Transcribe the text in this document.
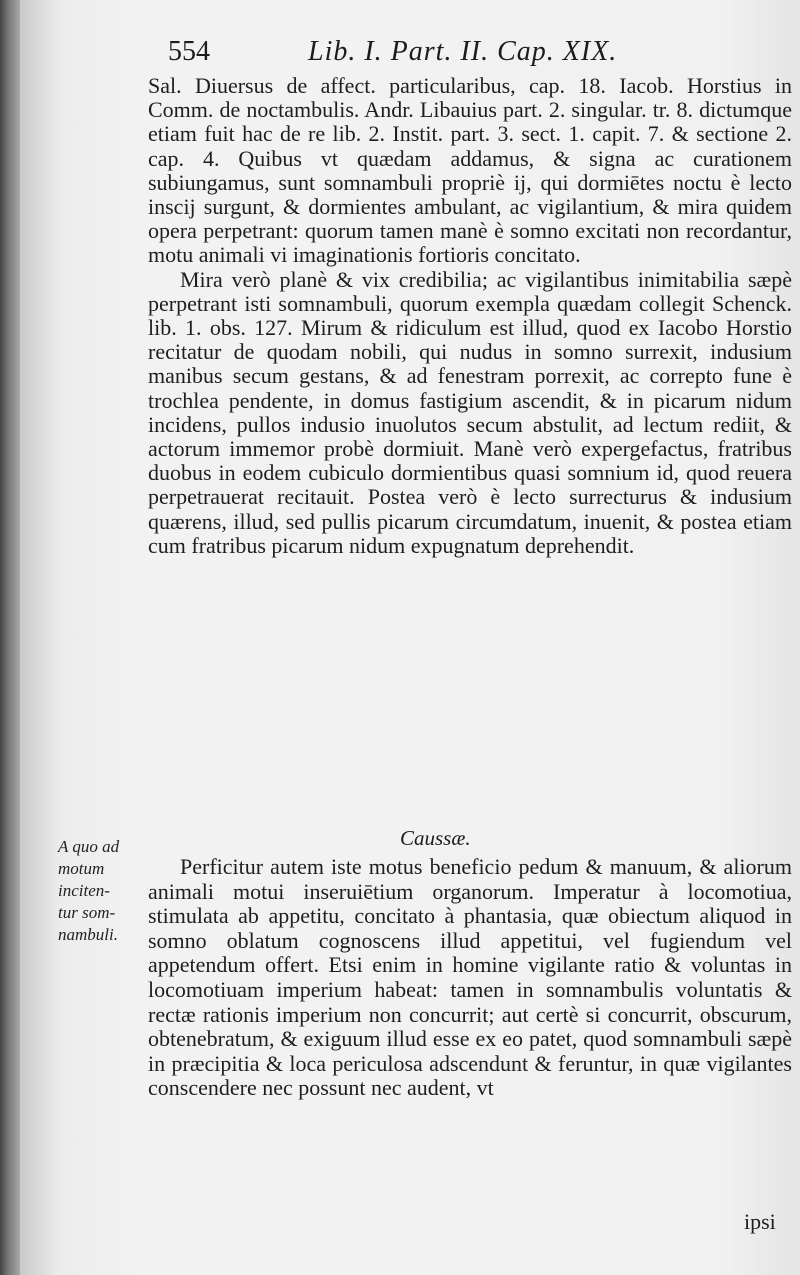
554	Lib. I. Part. II. Cap. XIX.

Sal. Diuersus de affect. particularibus, cap. 18. Iacob. Horstius in Comm. de noctambulis. Andr. Libauius part. 2. singular. tr. 8. dictumque etiam fuit hac de re lib. 2. Instit. part. 3. sect. 1. capit. 7. & sectione 2. cap. 4. Quibus vt quædam addamus, & signa ac curationem subiungamus, sunt somnambuli propriè ij, qui dormiētes noctu è lecto inscij surgunt, & dormientes ambulant, ac vigilantium, & mira quidem opera perpetrant: quorum tamen manè è somno excitati non recordantur, motu animali vi imaginationis fortioris concitato.

Mira verò planè & vix credibilia; ac vigilantibus inimitabilia sæpè perpetrant isti somnambuli, quorum exempla quædam collegit Schenck. lib. 1. obs. 127. Mirum & ridiculum est illud, quod ex Iacobo Horstio recitatur de quodam nobili, qui nudus in somno surrexit, indusium manibus secum gestans, & ad fenestram porrexit, ac correpto fune è trochlea pendente, in domus fastigium ascendit, & in picarum nidum incidens, pullos indusio inuolutos secum abstulit, ad lectum rediit, & actorum immemor probè dormiuit. Manè verò expergefactus, fratribus duobus in eodem cubiculo dormientibus quasi somnium id, quod reuera perpetrauerat recitauit. Postea verò è lecto surrecturus & indusium quærens, illud, sed pullis picarum circumdatum, inuenit, & postea etiam cum fratribus picarum nidum expugnatum deprehendit.

A quo ad
motum
inciten-
tur som-
nambuli.
Caussæ.

Perficitur autem iste motus beneficio pedum & manuum, & aliorum animali motui inseruiētium organorum. Imperatur à locomotiua, stimulata ab appetitu, concitato à phantasia, quæ obiectum aliquod in somno oblatum cognoscens illud appetitui, vel fugiendum vel appetendum offert. Etsi enim in homine vigilante ratio & voluntas in locomotiuam imperium habeat: tamen in somnambulis voluntatis & rectæ rationis imperium non concurrit; aut certè si concurrit, obscurum, obtenebratum, & exiguum illud esse ex eo patet, quod somnambuli sæpè in præcipitia & loca periculosa adscendunt & feruntur, in quæ vigilantes conscendere nec possunt nec audent, vt

ipsi
